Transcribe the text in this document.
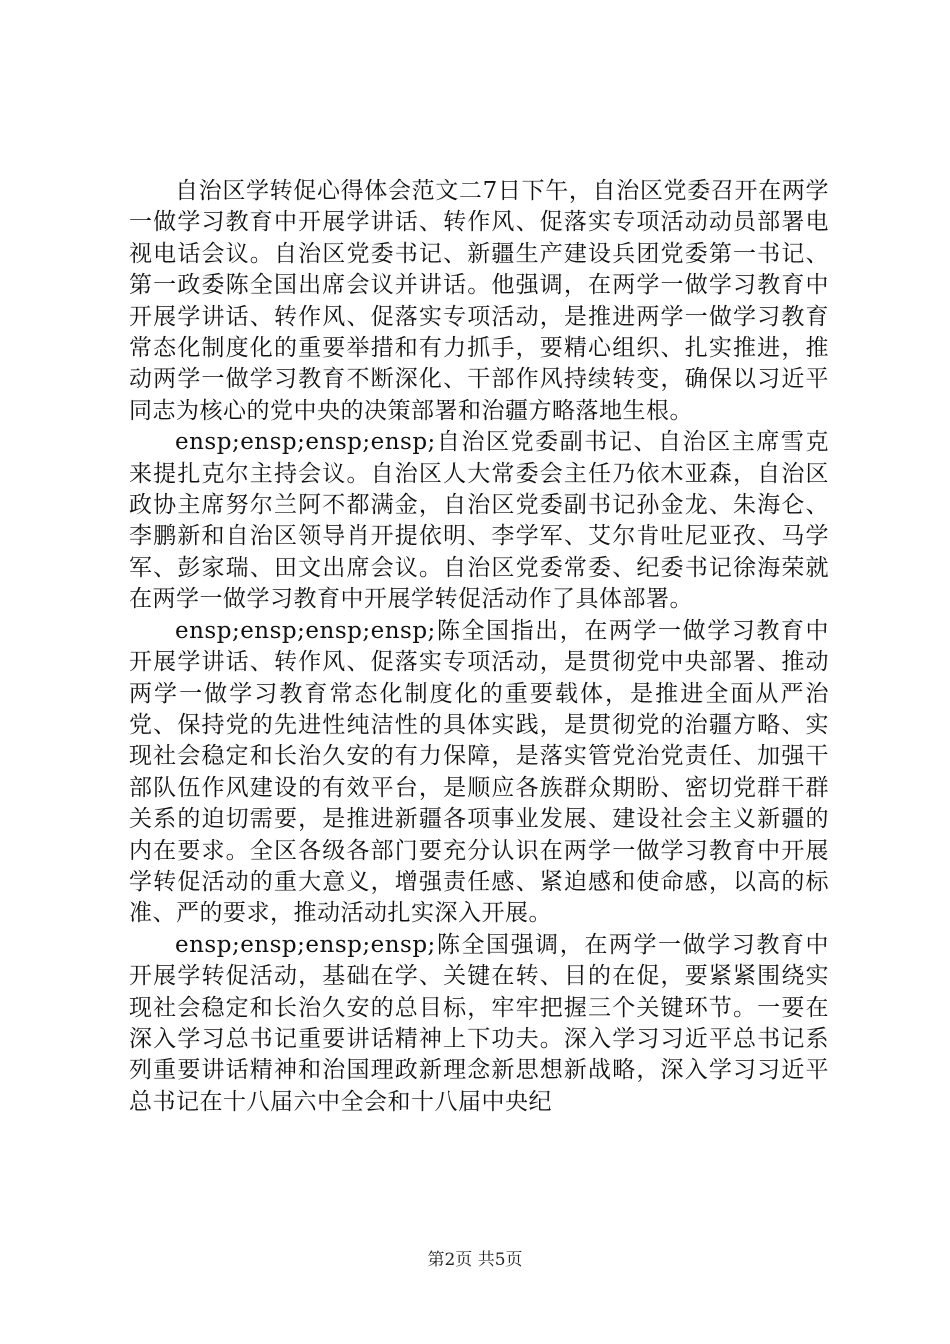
自治区学转促心得体会范文二7日下午，自治区党委召开在两学一做学习教育中开展学讲话、转作风、促落实专项活动动员部署电视电话会议。自治区党委书记、新疆生产建设兵团党委第一书记、第一政委陈全国出席会议并讲话。他强调，在两学一做学习教育中开展学讲话、转作风、促落实专项活动，是推进两学一做学习教育常态化制度化的重要举措和有力抓手，要精心组织、扎实推进，推动两学一做学习教育不断深化、干部作风持续转变，确保以习近平同志为核心的党中央的决策部署和治疆方略落地生根。

ensp;ensp;ensp;ensp;自治区党委副书记、自治区主席雪克来提扎克尔主持会议。自治区人大常委会主任乃依木亚森，自治区政协主席努尔兰阿不都满金，自治区党委副书记孙金龙、朱海仑、李鹏新和自治区领导肖开提依明、李学军、艾尔肯吐尼亚孜、马学军、彭家瑞、田文出席会议。自治区党委常委、纪委书记徐海荣就在两学一做学习教育中开展学转促活动作了具体部署。

ensp;ensp;ensp;ensp;陈全国指出，在两学一做学习教育中开展学讲话、转作风、促落实专项活动，是贯彻党中央部署、推动两学一做学习教育常态化制度化的重要载体，是推进全面从严治党、保持党的先进性纯洁性的具体实践，是贯彻党的治疆方略、实现社会稳定和长治久安的有力保障，是落实管党治党责任、加强干部队伍作风建设的有效平台，是顺应各族群众期盼、密切党群干群关系的迫切需要，是推进新疆各项事业发展、建设社会主义新疆的内在要求。全区各级各部门要充分认识在两学一做学习教育中开展学转促活动的重大意义，增强责任感、紧迫感和使命感，以高的标准、严的要求，推动活动扎实深入开展。

ensp;ensp;ensp;ensp;陈全国强调，在两学一做学习教育中开展学转促活动，基础在学、关键在转、目的在促，要紧紧围绕实现社会稳定和长治久安的总目标，牢牢把握三个关键环节。一要在深入学习总书记重要讲话精神上下功夫。深入学习习近平总书记系列重要讲话精神和治国理政新理念新思想新战略，深入学习习近平总书记在十八届六中全会和十八届中央纪

第2页 共5页
